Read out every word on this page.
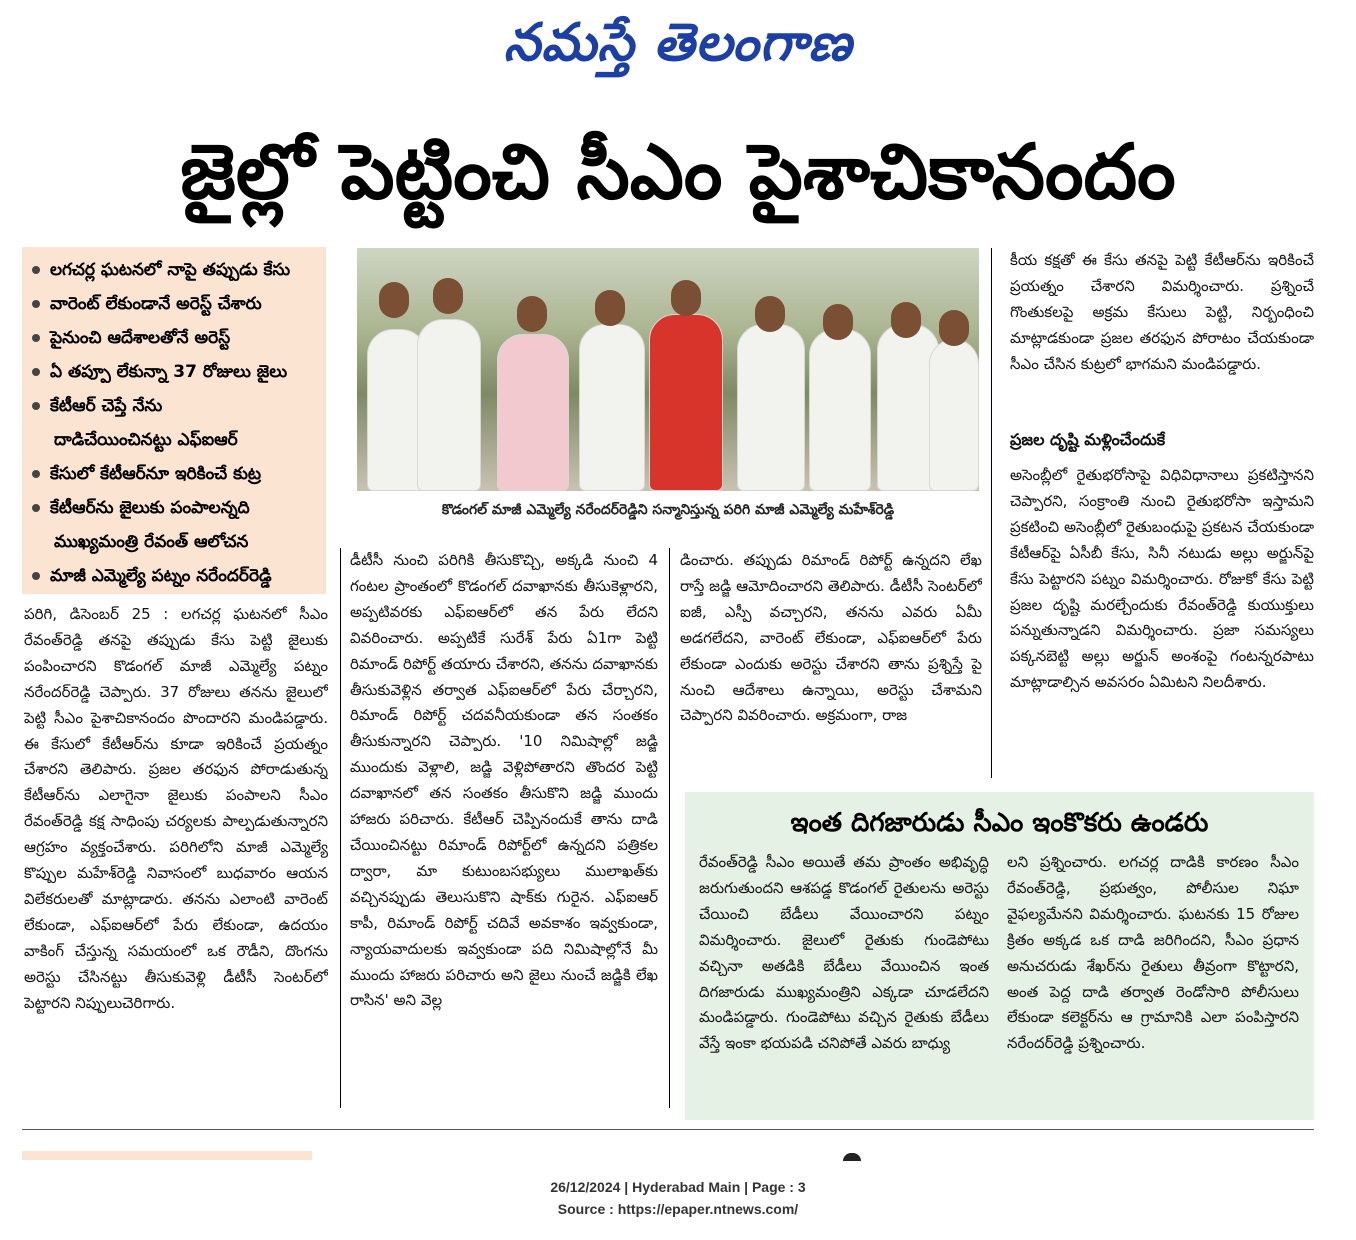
నమస్తే తెలంగాణ
జైల్లో పెట్టించి సీఎం పైశాచికానందం
లగచర్ల ఘటనలో నాపై తప్పుడు కేసు
వారెంట్ లేకుండానే అరెస్ట్ చేశారు
పైనుంచి ఆదేశాలతోనే అరెస్ట్
ఏ తప్పూ లేకున్నా 37 రోజులు జైలు
కేటీఆర్ చెప్తే నేను
దాడిచేయించినట్టు ఎఫ్ఐఆర్
కేసులో కేటీఆర్‌నూ ఇరికించే కుట్ర
కేటీఆర్‌ను జైలుకు పంపాలన్నది
ముఖ్యమంత్రి రేవంత్ ఆలోచన
మాజీ ఎమ్మెల్యే పట్నం నరేందర్‌రెడ్డి
కొడంగల్ మాజీ ఎమ్మెల్యే నరేందర్‌రెడ్డిని సన్మానిస్తున్న పరిగి మాజీ ఎమ్మెల్యే మహేశ్‌రెడ్డి

పరిగి, డిసెంబర్ 25 : లగచర్ల ఘటనలో సీఎం రేవంత్‌రెడ్డి తనపై తప్పుడు కేసు పెట్టి జైలుకు పంపించారని కొడంగల్ మాజీ ఎమ్మెల్యే పట్నం నరేందర్‌రెడ్డి చెప్పారు. 37 రోజులు తనను జైలులో పెట్టి సీఎం పైశాచికానందం పొందారని మండిపడ్డారు. ఈ కేసులో కేటీఆర్‌ను కూడా ఇరికించే ప్రయత్నం చేశారని తెలిపారు. ప్రజల తరఫున పోరాడుతున్న కేటీఆర్‌ను ఎలాగైనా జైలుకు పంపాలని సీఎం రేవంత్‌రెడ్డి కక్ష సాధింపు చర్యలకు పాల్పడుతున్నారని ఆగ్రహం వ్యక్తంచేశారు. పరిగిలోని మాజీ ఎమ్మెల్యే కొప్పుల మహేశ్‌రెడ్డి నివాసంలో బుధవారం ఆయన విలేకరులతో మాట్లాడారు. తనను ఎలాంటి వారెంట్ లేకుండా, ఎఫ్ఐఆర్‌లో పేరు లేకుండా, ఉదయం వాకింగ్ చేస్తున్న సమయంలో ఒక రౌడీని, దొంగను అరెస్టు చేసినట్టు తీసుకువెళ్లి డీటీసీ సెంటర్‌లో పెట్టారని నిప్పులుచెరిగారు.

డీటీసీ నుంచి పరిగికి తీసుకొచ్చి, అక్కడి నుంచి 4 గంటల ప్రాంతంలో కొడంగల్ దవాఖానకు తీసుకెళ్లారని, అప్పటివరకు ఎఫ్ఐఆర్‌లో తన పేరు లేదని వివరించారు. అప్పటికే సురేశ్ పేరు ఏ1గా పెట్టి రిమాండ్ రిపోర్ట్ తయారు చేశారని, తనను దవాఖానకు తీసుకువెళ్లిన తర్వాత ఎఫ్ఐఆర్‌లో పేరు చేర్చారని, రిమాండ్ రిపోర్ట్ చదవనీయకుండా తన సంతకం తీసుకున్నారని చెప్పారు. '10 నిమిషాల్లో జడ్జి ముందుకు వెళ్లాలి, జడ్జి వెళ్లిపోతారని తొందర పెట్టి దవాఖానలో తన సంతకం తీసుకొని జడ్జి ముందు హాజరు పరిచారు. కేటీఆర్ చెప్పినందుకే తాను దాడి చేయించినట్టు రిమాండ్ రిపోర్ట్‌లో ఉన్నదని పత్రికల ద్వారా, మా కుటుంబసభ్యులు ములాఖత్‌కు వచ్చినప్పుడు తెలుసుకొని షాక్‌కు గురైన. ఎఫ్ఐఆర్ కాపీ, రిమాండ్ రిపోర్ట్ చదివే అవకాశం ఇవ్వకుండా, న్యాయవాదులకు ఇవ్వకుండా పది నిమిషాల్లోనే మీ ముందు హాజరు పరిచారు అని జైలు నుంచే జడ్జికి లేఖ రాసిన' అని వెల్ల

డించారు. తప్పుడు రిమాండ్ రిపోర్ట్ ఉన్నదని లేఖ రాస్తే జడ్జి ఆమోదించారని తెలిపారు. డీటీసీ సెంటర్‌లో ఐజీ, ఎస్పీ వచ్చారని, తనను ఎవరు ఏమీ అడగలేదని, వారెంట్ లేకుండా, ఎఫ్ఐఆర్‌లో పేరు లేకుండా ఎందుకు అరెస్టు చేశారని తాను ప్రశ్నిస్తే పై నుంచి ఆదేశాలు ఉన్నాయి, అరెస్టు చేశామని చెప్పారని వివరించారు. అక్రమంగా, రాజ

కీయ కక్షతో ఈ కేసు తనపై పెట్టి కేటీఆర్‌ను ఇరికించే ప్రయత్నం చేశారని విమర్శించారు. ప్రశ్నించే గొంతుకలపై అక్రమ కేసులు పెట్టి, నిర్బంధించి మాట్లాడకుండా ప్రజల తరఫున పోరాటం చేయకుండా సీఎం చేసిన కుట్రలో భాగమని మండిపడ్డారు.

ప్రజల దృష్టి మళ్లించేందుకే

అసెంబ్లీలో రైతుభరోసాపై విధివిధానాలు ప్రకటిస్తానని చెప్పారని, సంక్రాంతి నుంచి రైతుభరోసా ఇస్తామని ప్రకటించి అసెంబ్లీలో రైతుబంధుపై ప్రకటన చేయకుండా కేటీఆర్‌పై ఏసీబీ కేసు, సినీ నటుడు అల్లు అర్జున్‌పై కేసు పెట్టారని పట్నం విమర్శించారు. రోజుకో కేసు పెట్టి ప్రజల దృష్టి మరల్చేందుకు రేవంత్‌రెడ్డి కుయుక్తులు పన్నుతున్నాడని విమర్శించారు. ప్రజా సమస్యలు పక్కనబెట్టి అల్లు అర్జున్ అంశంపై గంటన్నరపాటు మాట్లాడాల్సిన అవసరం ఏమిటని నిలదీశారు.

ఇంత దిగజారుడు సీఎం ఇంకొకరు ఉండరు

రేవంత్‌రెడ్డి సీఎం అయితే తమ ప్రాంతం అభివృద్ధి జరుగుతుందని ఆశపడ్డ కొడంగల్ రైతులను అరెస్టు చేయించి బేడీలు వేయించారని పట్నం విమర్శించారు. జైలులో రైతుకు గుండెపోటు వచ్చినా అతడికి బేడీలు వేయించిన ఇంత దిగజారుడు ముఖ్యమంత్రిని ఎక్కడా చూడలేదని మండిపడ్డారు. గుండెపోటు వచ్చిన రైతుకు బేడీలు వేస్తే ఇంకా భయపడి చనిపోతే ఎవరు బాధ్యు

లని ప్రశ్నించారు. లగచర్ల దాడికి కారణం సీఎం రేవంత్‌రెడ్డి, ప్రభుత్వం, పోలీసుల నిఘా వైఫల్యమేనని విమర్శించారు. ఘటనకు 15 రోజుల క్రితం అక్కడ ఒక దాడి జరిగిందని, సీఎం ప్రధాన అనుచరుడు శేఖర్‌ను రైతులు తీవ్రంగా కొట్టారని, అంత పెద్ద దాడి తర్వాత రెండోసారి పోలీసులు లేకుండా కలెక్టర్‌ను ఆ గ్రామానికి ఎలా పంపిస్తారని నరేందర్‌రెడ్డి ప్రశ్నించారు.

26/12/2024 | Hyderabad Main | Page : 3
Source : https://epaper.ntnews.com/
